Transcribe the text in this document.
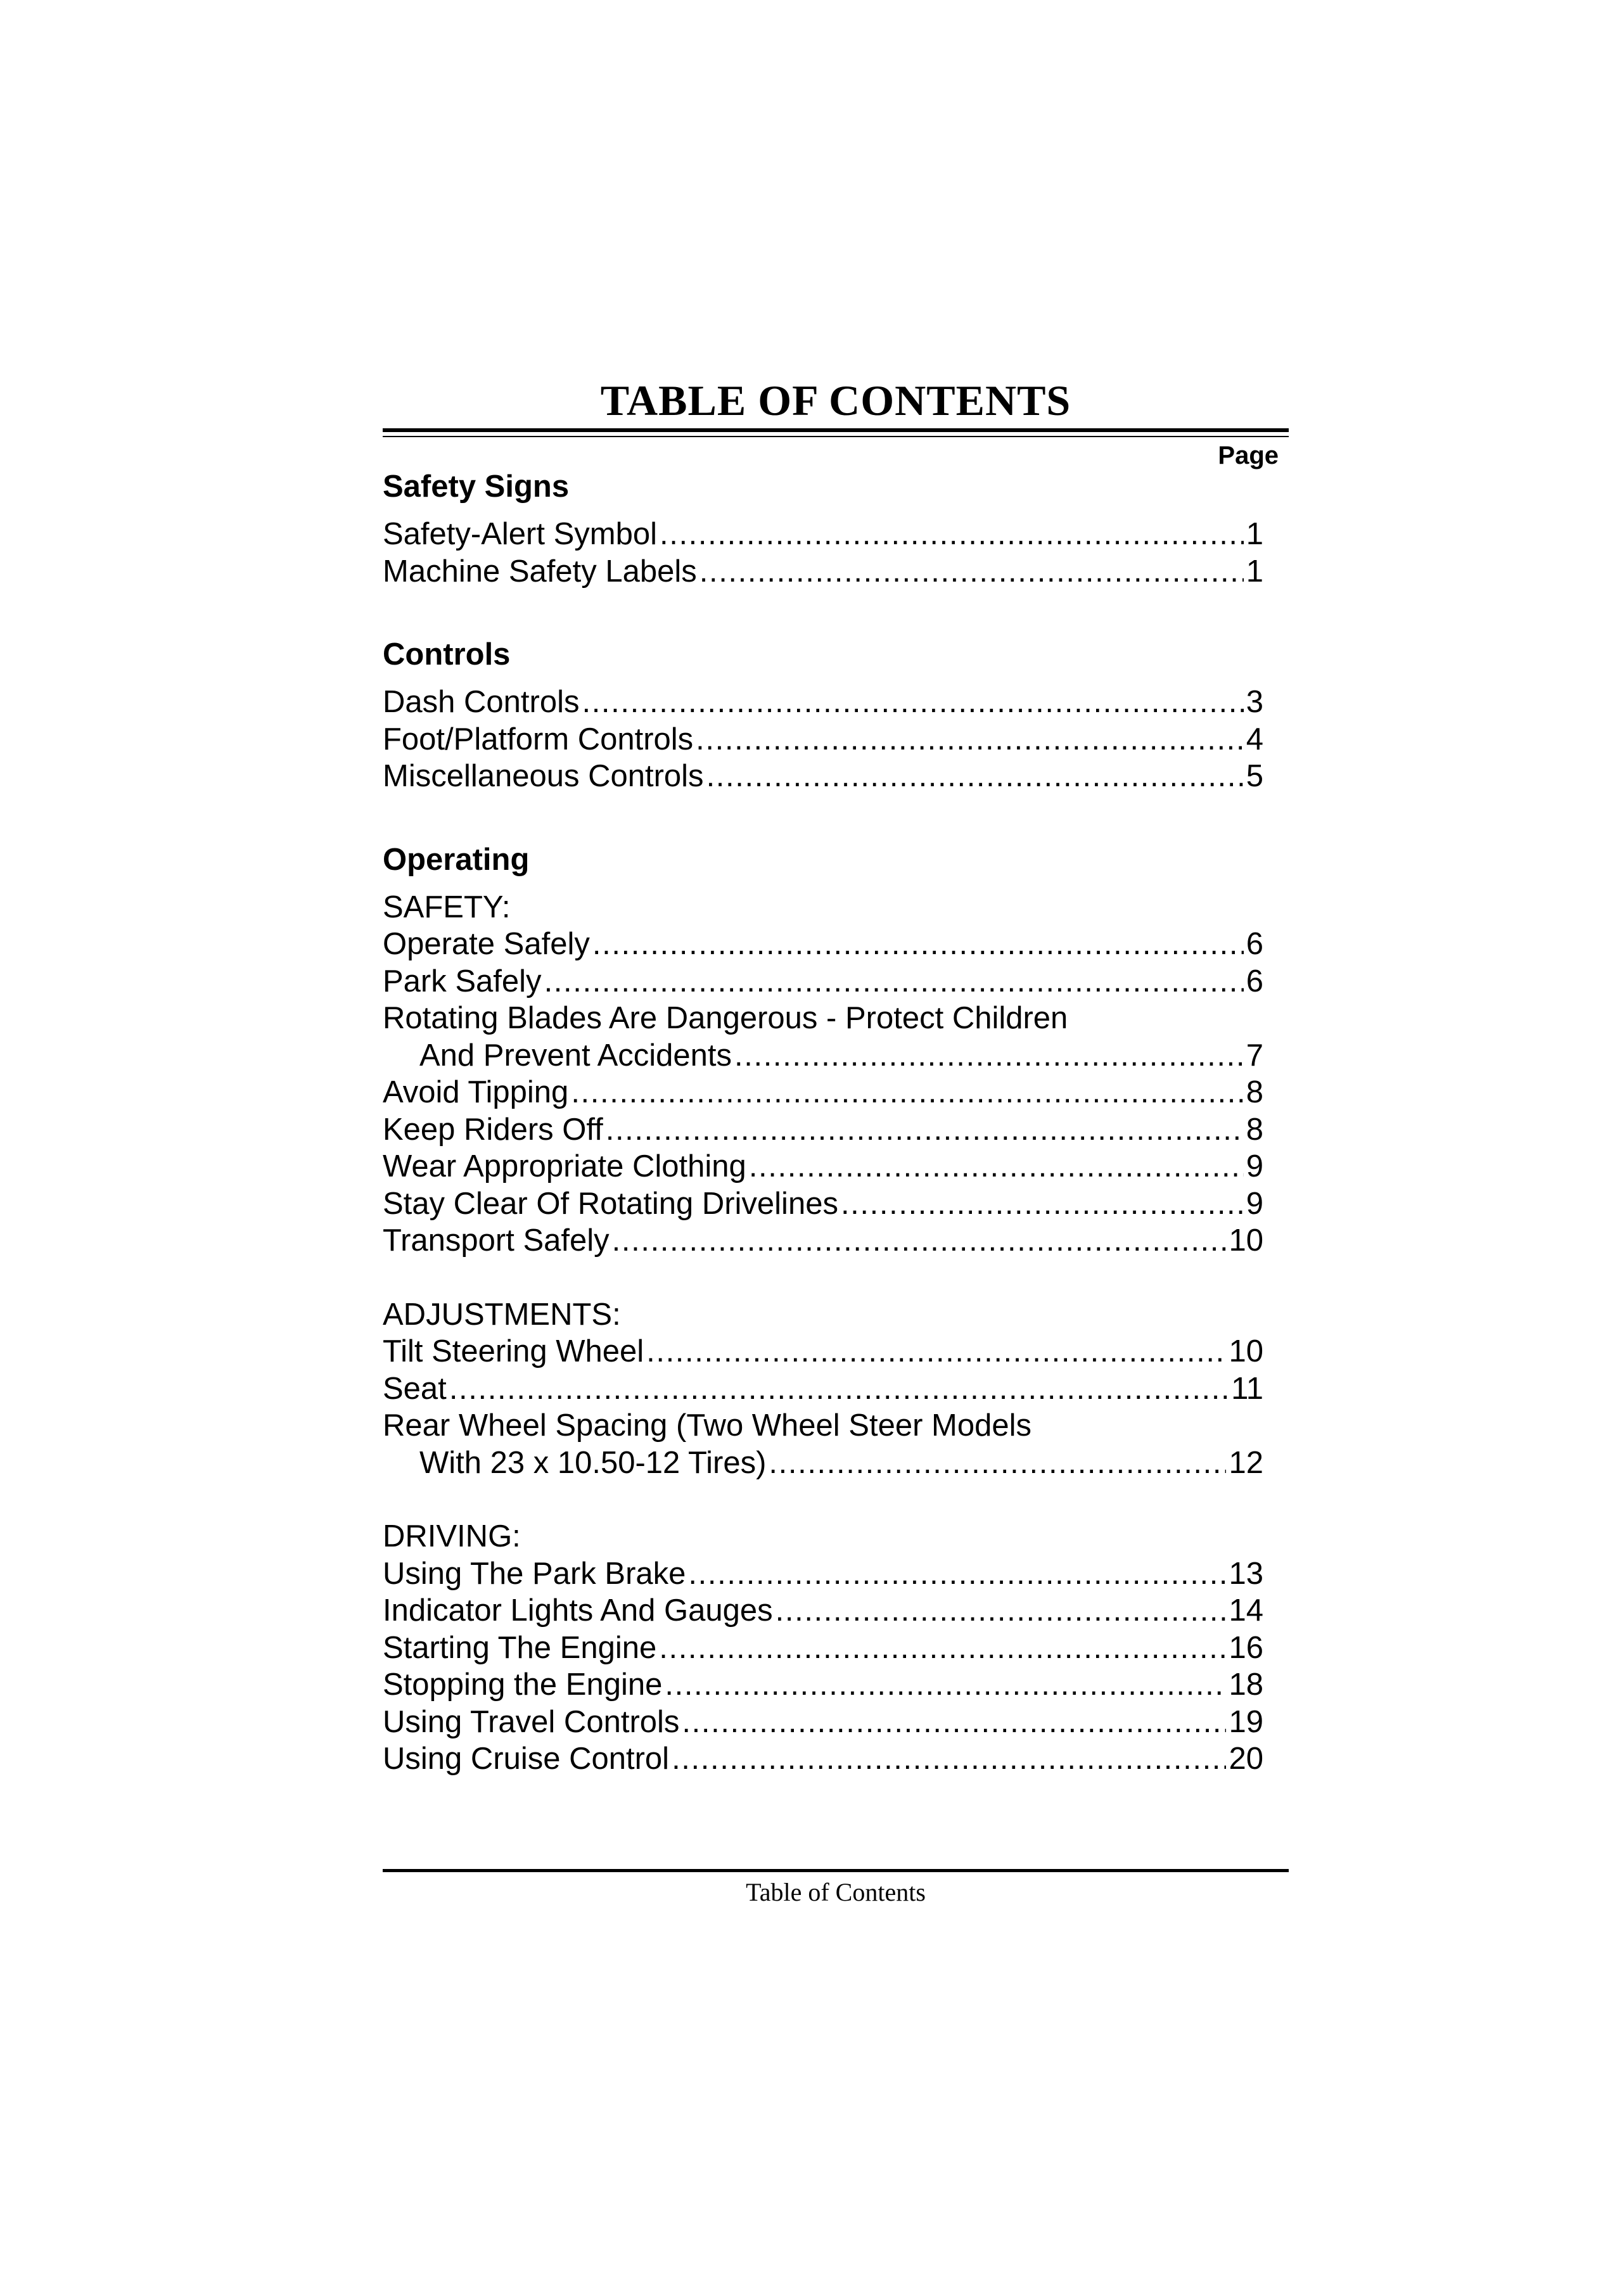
TABLE OF CONTENTS
Page
Safety Signs
Safety-Alert Symbol . . .	1
Machine Safety Labels . . .	1
Controls
Dash Controls . . .	3
Foot/Platform Controls . . .	4
Miscellaneous Controls . . .	5
Operating
SAFETY:
Operate Safely . . .	6
Park Safely . . .	6
Rotating Blades Are Dangerous - Protect Children
And Prevent Accidents . . .	7
Avoid Tipping . . .	8
Keep Riders Off . . .	8
Wear Appropriate Clothing . . .	9
Stay Clear Of Rotating Drivelines . . .	9
Transport Safely . . .	10
ADJUSTMENTS:
Tilt Steering Wheel . . .	10
Seat . . .	11
Rear Wheel Spacing (Two Wheel Steer Models
With 23 x 10.50-12 Tires) . . .	12
DRIVING:
Using The Park Brake . . .	13
Indicator Lights And Gauges . . .	14
Starting The Engine . . .	16
Stopping the Engine . . .	18
Using Travel Controls . . .	19
Using Cruise Control . . .	20
Table of Contents
